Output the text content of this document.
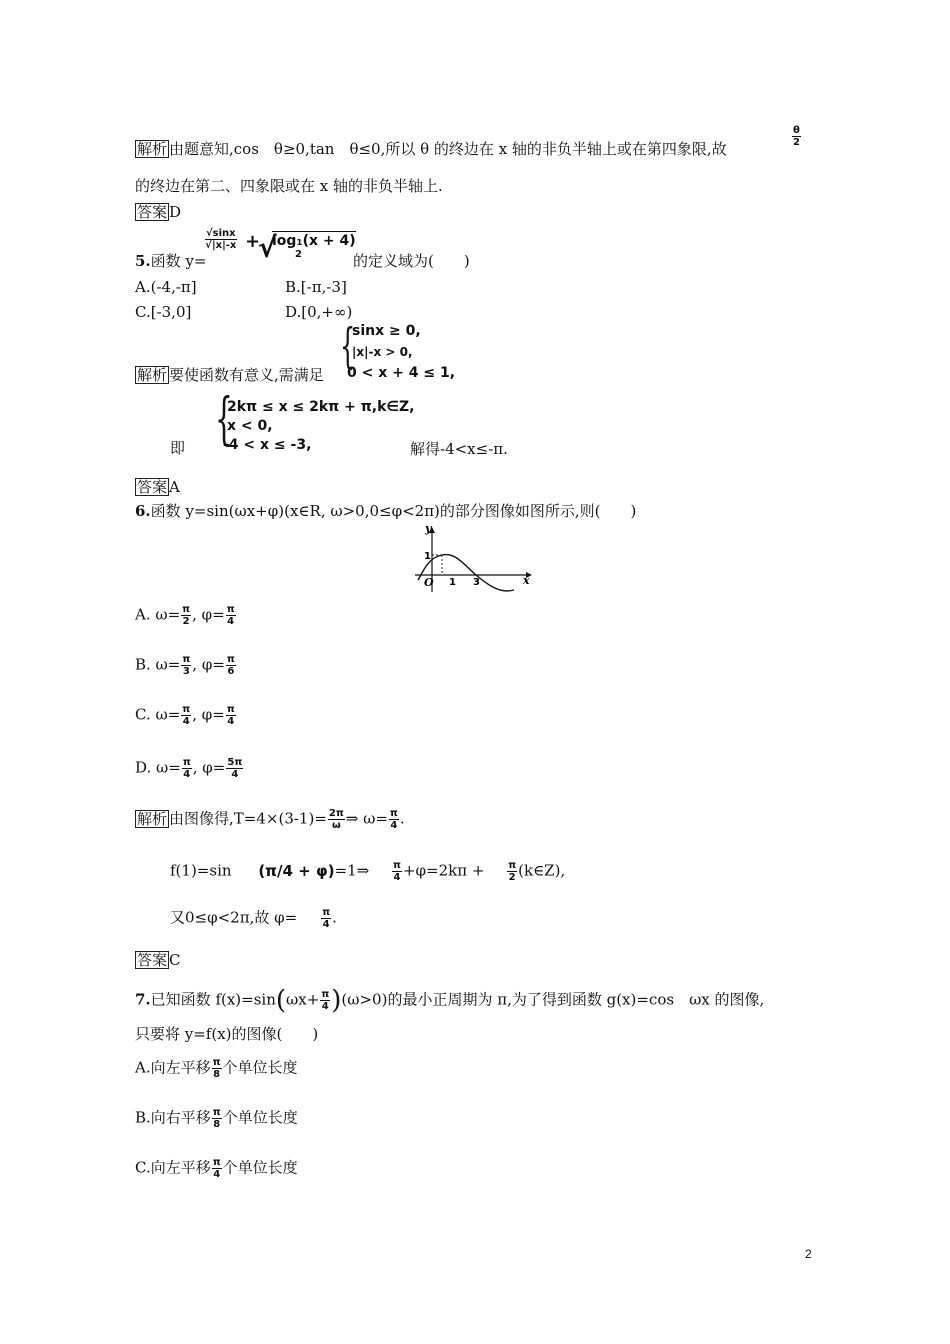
解析 由题意知,cos　θ≥0,tan　θ≤0,所以 θ 的终边在 x 轴的非负半轴上或在第四象限,故
θ
2
的终边在第二、四象限或在 x 轴的非负半轴上.
答案 D
5.函数 y=
√sinx
√|x|-x +
√
log₁(x + 4)
2	的定义域为(　　)
A.(-4,-π]	B.[-π,-3]
C.[-3,0]	D.[0,+∞)
解析 要使函数有意义,需满足
{
sinx ≥ 0,
|x|-x > 0,
0 < x + 4 ≤ 1,
即 {
2kπ ≤ x ≤ 2kπ + π,k∈Z,
x < 0,
-4 < x ≤ -3,	解得-4<x≤-π.
答案 A
6.函数 y=sin(ωx+φ)(x∈R, ω>0,0≤φ<2π)的部分图像如图所示,则(　　)
y
x
O
1
1 3
A. $\omega= \frac{\pi}{2}$ , $\varphi= \frac{\pi}{4}$
B. $\omega= \frac{\pi}{3}$ , $\varphi= \frac{\pi}{6}$
C. $\omega= \frac{\pi}{4}$ , $\varphi= \frac{\pi}{4}$
D. $\omega= \frac{\pi}{4}$ , $\varphi= \frac{5\pi}{4}$
解析 由图像得$,T=4\times(3-1)= \frac{2\pi}{\omega}$ ⇒ $\omega= \frac{\pi}{4}$ .
f(1)=sin (π/4 + φ)=1⇒ $\frac{\pi}{4} +\varphi=2k\pi + \frac{\pi}{2}$ (k∈Z),
又0≤φ<2π,故 $\varphi= \frac{\pi}{4}$ .
答案 C
7.已知函数 $f(x)=\sin(\omega x+ \frac{\pi}{4} )(\omega>0)$的最小正周期为 π,为了得到函数 g(x)=cos　ωx 的图像,
只要将 y=f(x)的图像(　　)
A.向左平移 $\frac{\pi}{8}$ 个单位长度
B.向右平移 $\frac{\pi}{8}$ 个单位长度
C.向左平移 $\frac{\pi}{4}$ 个单位长度
2
